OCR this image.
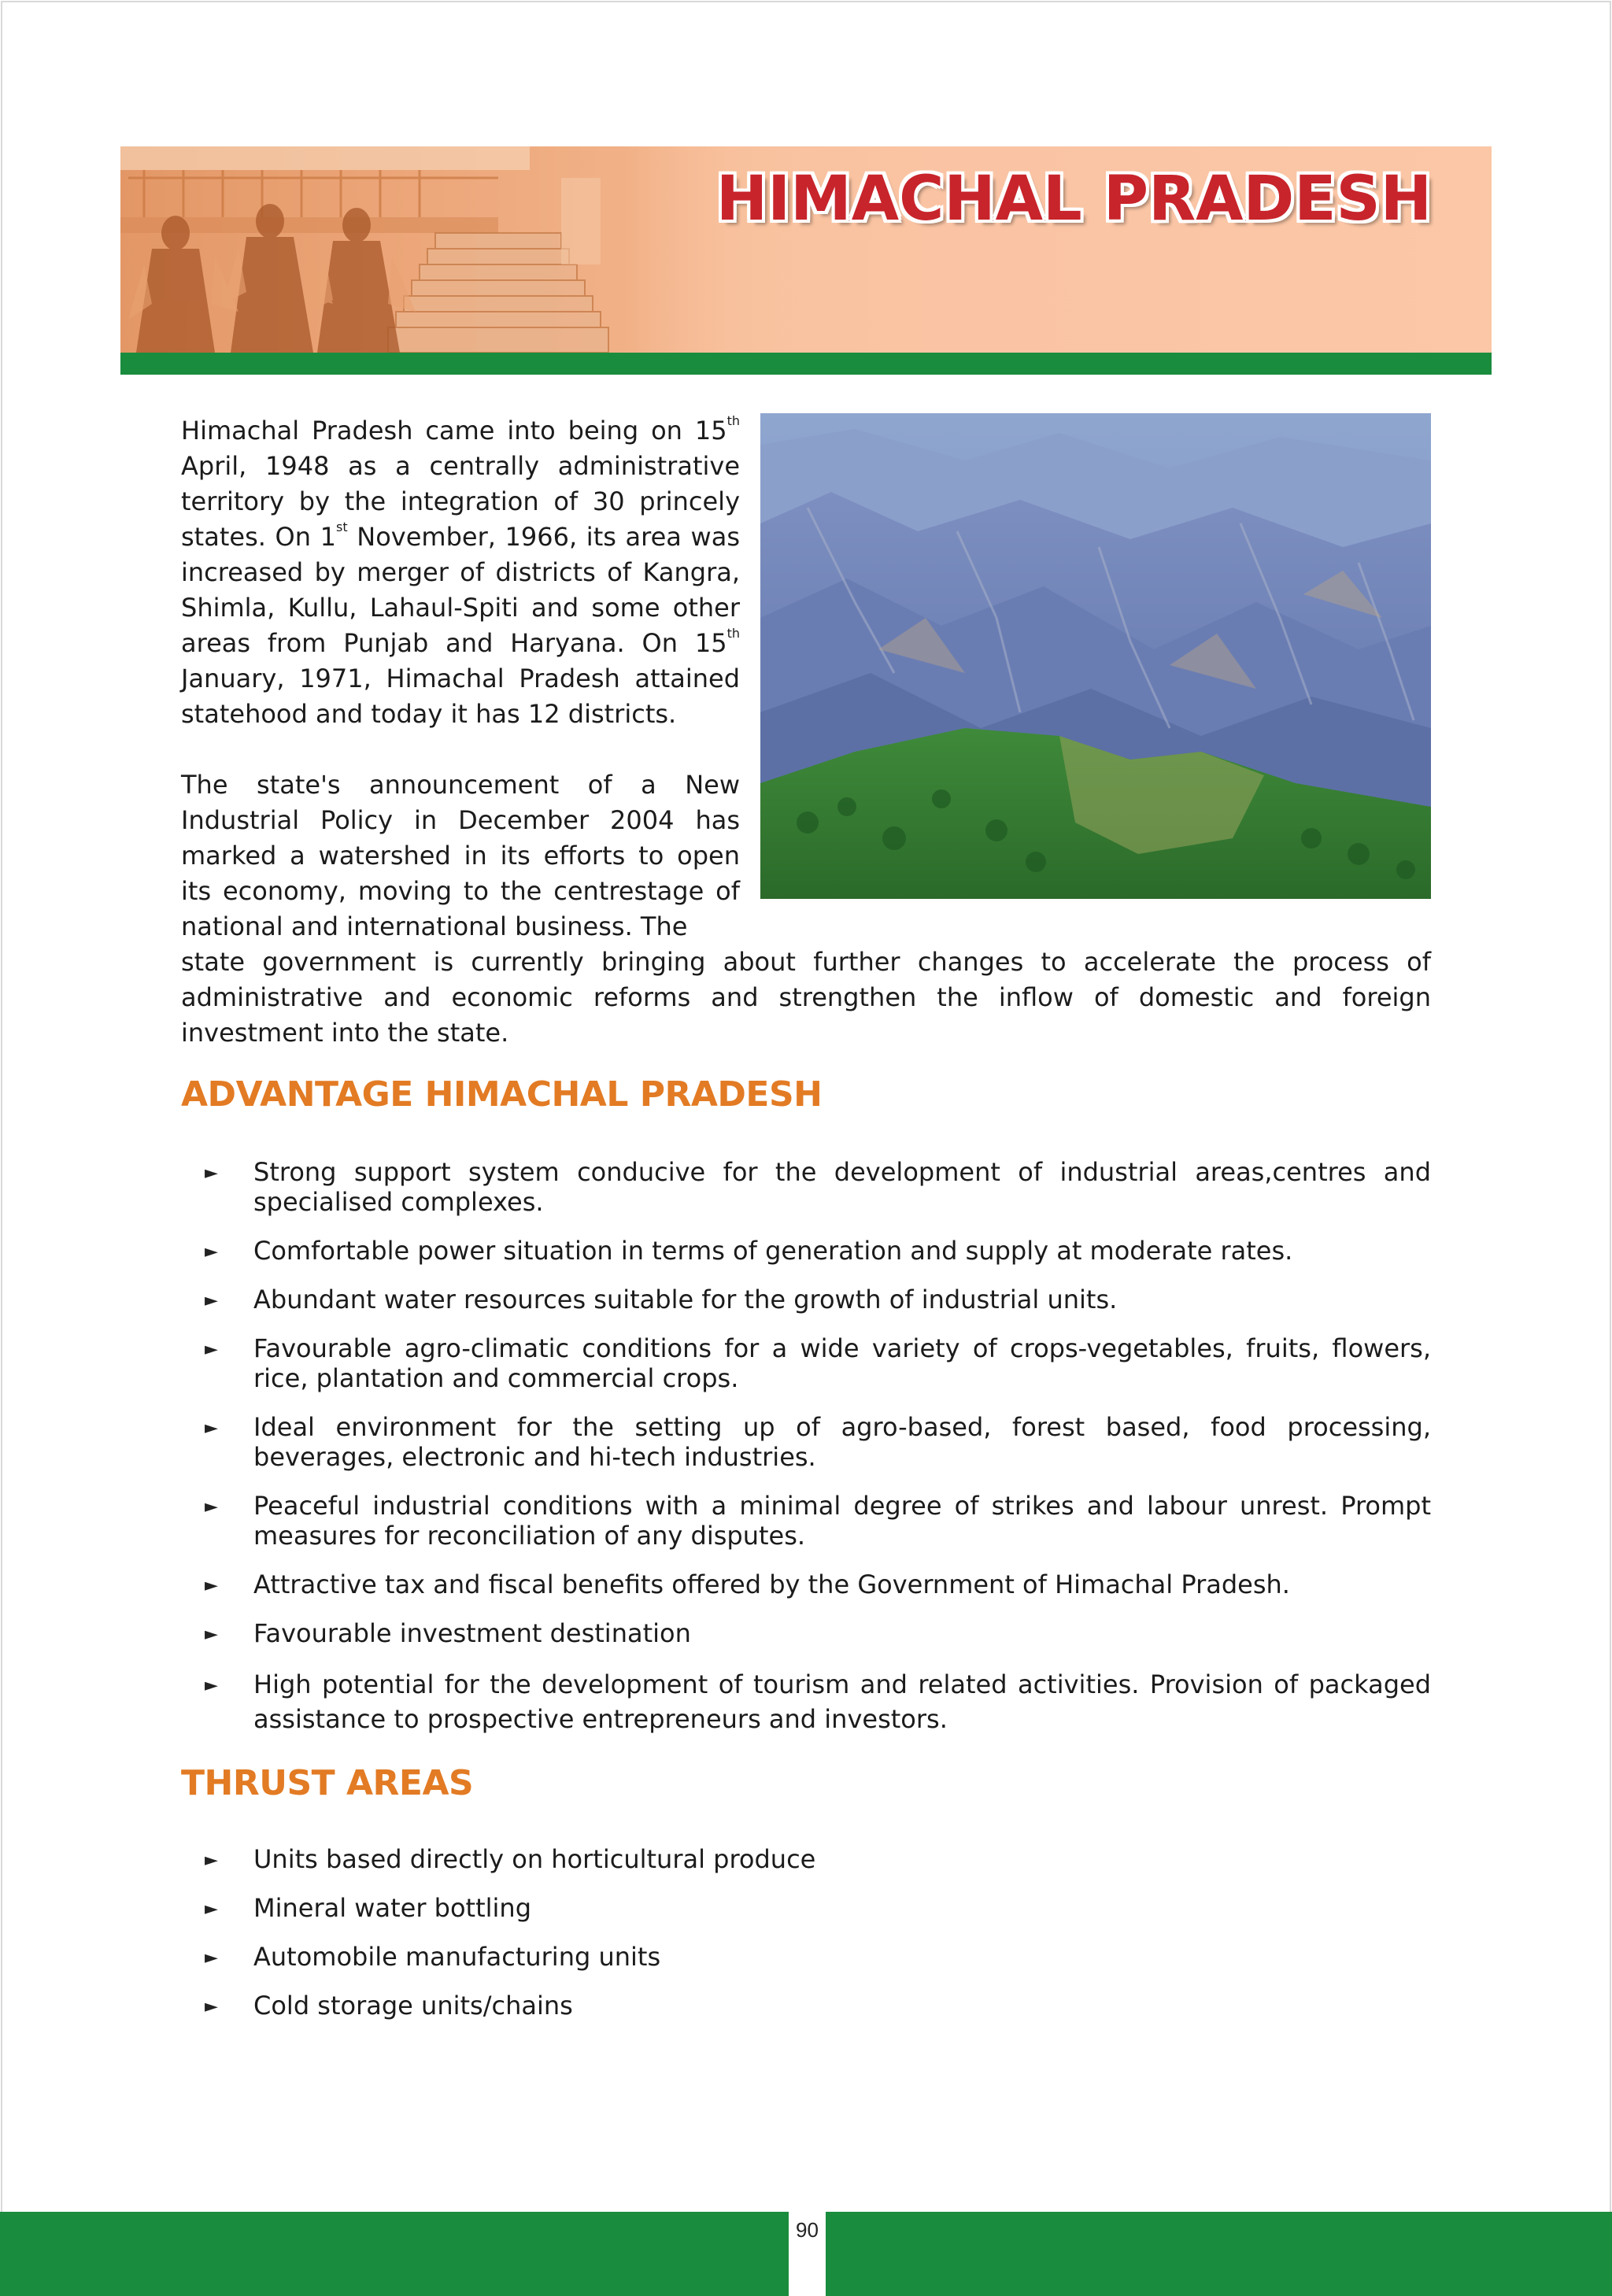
HIMACHAL PRADESH

Himachal Pradesh came into being on 15th April, 1948 as a centrally administrative territory by the integration of 30 princely states. On 1st November, 1966, its area was increased by merger of districts of Kangra, Shimla, Kullu, Lahaul-Spiti and some other areas from Punjab and Haryana. On 15th January, 1971, Himachal Pradesh attained statehood and today it has 12 districts.

The state's announcement of a New Industrial Policy in December 2004 has marked a watershed in its efforts to open its economy, moving to the centrestage of national and international business. The

state government is currently bringing about further changes to accelerate the process of administrative and economic reforms and strengthen the inflow of domestic and foreign investment into the state.

ADVANTAGE HIMACHAL PRADESH
► Strong support system conducive for the development of industrial areas,centres and specialised complexes.
► Comfortable power situation in terms of generation and supply at moderate rates.
► Abundant water resources suitable for the growth of industrial units.
► Favourable agro-climatic conditions for a wide variety of crops-vegetables, fruits, flowers, rice, plantation and commercial crops.
► Ideal environment for the setting up of agro-based, forest based, food processing, beverages, electronic and hi-tech industries.
► Peaceful industrial conditions with a minimal degree of strikes and labour unrest. Prompt measures for reconciliation of any disputes.
► Attractive tax and fiscal benefits offered by the Government of Himachal Pradesh.
► Favourable investment destination
► High potential for the development of tourism and related activities. Provision of packaged assistance to prospective entrepreneurs and investors.
THRUST AREAS
► Units based directly on horticultural produce
► Mineral water bottling
► Automobile manufacturing units
► Cold storage units/chains
90
